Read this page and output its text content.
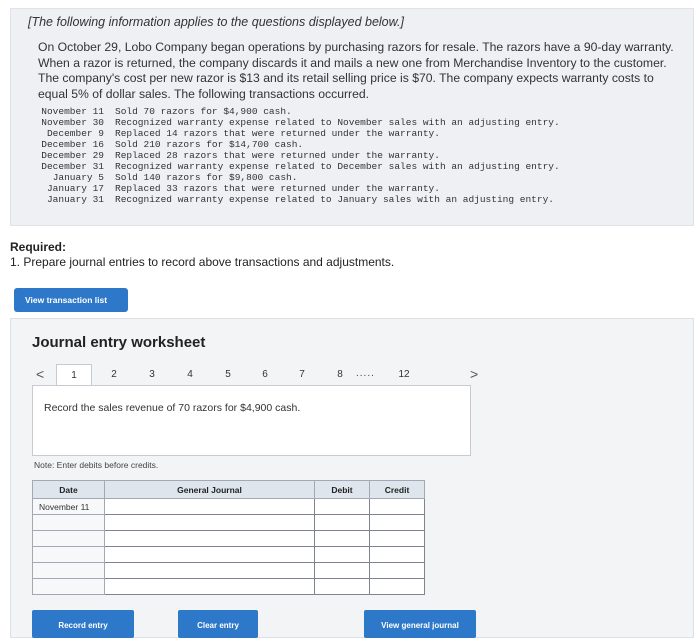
[The following information applies to the questions displayed below.]

On October 29, Lobo Company began operations by purchasing razors for resale. The razors have a 90-day warranty. When a razor is returned, the company discards it and mails a new one from Merchandise Inventory to the customer. The company's cost per new razor is $13 and its retail selling price is $70. The company expects warranty costs to equal 5% of dollar sales. The following transactions occurred.

November 11 Sold 70 razors for $4,900 cash.
November 30 Recognized warranty expense related to November sales with an adjusting entry.
December 9 Replaced 14 razors that were returned under the warranty.
December 16 Sold 210 razors for $14,700 cash.
December 29 Replaced 28 razors that were returned under the warranty.
December 31 Recognized warranty expense related to December sales with an adjusting entry.
January 5 Sold 140 razors for $9,800 cash.
January 17 Replaced 33 razors that were returned under the warranty.
January 31 Recognized warranty expense related to January sales with an adjusting entry.
Required:
1. Prepare journal entries to record above transactions and adjustments.
View transaction list
Journal entry worksheet
<	1	2	3	4	5	6	7	8	.....	12	>
Record the sales revenue of 70 razors for $4,900 cash.
Note: Enter debits before credits.
Date	General Journal	Debit	Credit
November 11			

Record entry	Clear entry	View general journal
